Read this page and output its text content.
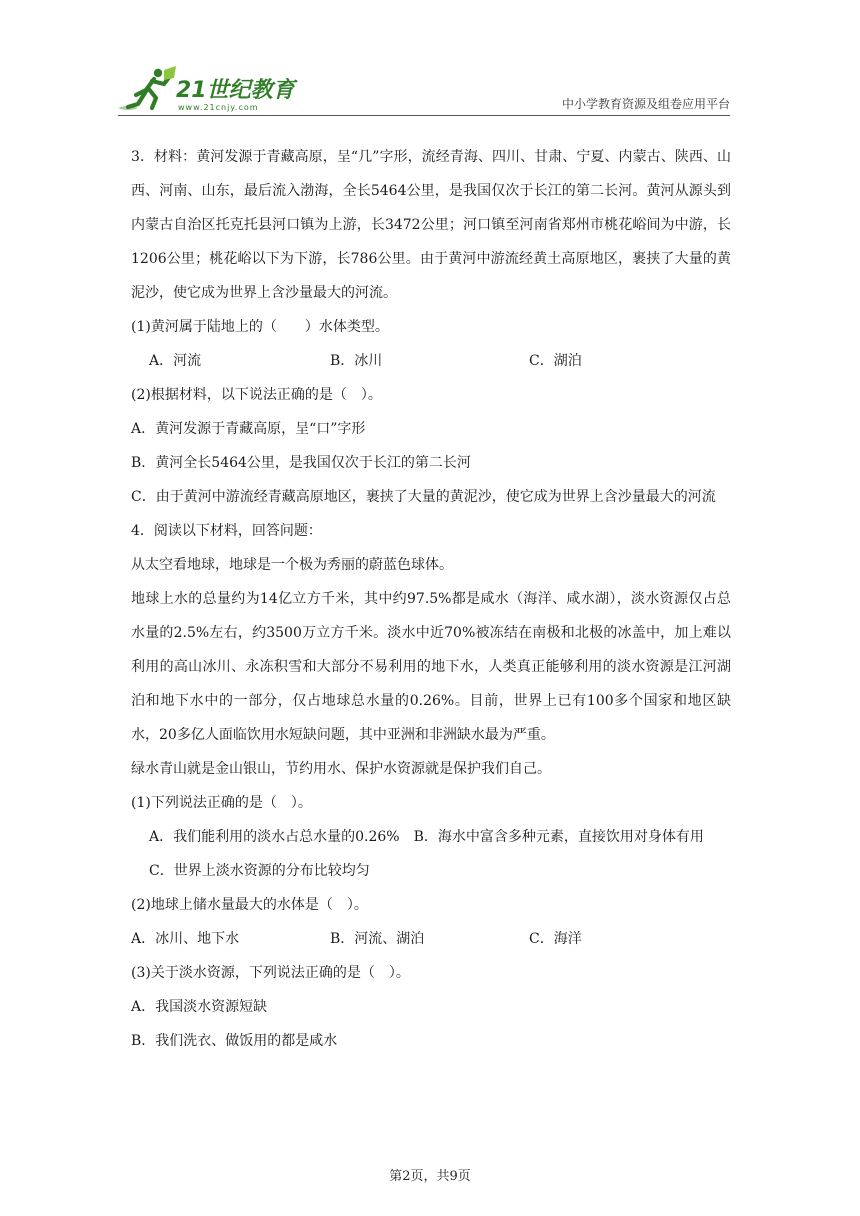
21世纪教育
www.21cnjy.com	中小学教育资源及组卷应用平台

3．材料：黄河发源于青藏高原，呈“几”字形，流经青海、四川、甘肃、宁夏、内蒙古、陕西、山西、河南、山东，最后流入渤海，全长5464公里，是我国仅次于长江的第二长河。黄河从源头到内蒙古自治区托克托县河口镇为上游，长3472公里；河口镇至河南省郑州市桃花峪间为中游，长1206公里；桃花峪以下为下游，长786公里。由于黄河中游流经黄土高原地区，裹挟了大量的黄泥沙，使它成为世界上含沙量最大的河流。

(1)黄河属于陆地上的（　　）水体类型。

A．河流	B．冰川	C．湖泊

(2)根据材料，以下说法正确的是（　）。

A．黄河发源于青藏高原，呈“口”字形

B．黄河全长5464公里，是我国仅次于长江的第二长河

C．由于黄河中游流经青藏高原地区，裹挟了大量的黄泥沙，使它成为世界上含沙量最大的河流

4．阅读以下材料，回答问题：

从太空看地球，地球是一个极为秀丽的蔚蓝色球体。

地球上水的总量约为14亿立方千米，其中约97.5%都是咸水（海洋、咸水湖），淡水资源仅占总水量的2.5%左右，约3500万立方千米。淡水中近70%被冻结在南极和北极的冰盖中，加上难以利用的高山冰川、永冻积雪和大部分不易利用的地下水，人类真正能够利用的淡水资源是江河湖泊和地下水中的一部分，仅占地球总水量的0.26%。目前，世界上已有100多个国家和地区缺水，20多亿人面临饮用水短缺问题，其中亚洲和非洲缺水最为严重。

绿水青山就是金山银山，节约用水、保护水资源就是保护我们自己。

(1)下列说法正确的是（　）。

A．我们能利用的淡水占总水量的0.26%　B．海水中富含多种元素，直接饮用对身体有用

C．世界上淡水资源的分布比较均匀

(2)地球上储水量最大的水体是（　）。

A．冰川、地下水	B．河流、湖泊	C．海洋

(3)关于淡水资源，下列说法正确的是（　）。

A．我国淡水资源短缺

B．我们洗衣、做饭用的都是咸水

第2页，共9页
